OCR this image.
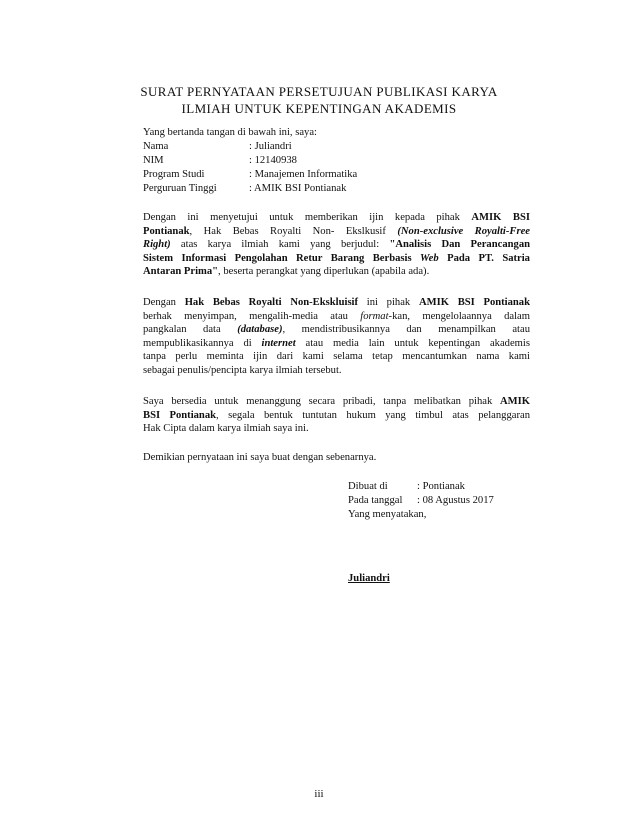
SURAT PERNYATAAN PERSETUJUAN PUBLIKASI KARYA
ILMIAH UNTUK KEPENTINGAN AKADEMIS
Yang bertanda tangan di bawah ini, saya:
Nama	: Juliandri
NIM	: 12140938
Program Studi	: Manajemen Informatika
Perguruan Tinggi	: AMIK BSI Pontianak
Dengan ini menyetujui untuk memberikan ijin kepada pihak AMIK BSI
Pontianak, Hak Bebas Royalti Non- Ekslkusif (Non-exclusive Royalti-Free
Right) atas karya ilmiah kami yang berjudul: "Analisis Dan Perancangan
Sistem Informasi Pengolahan Retur Barang Berbasis Web Pada PT. Satria
Antaran Prima", beserta perangkat yang diperlukan (apabila ada).
Dengan Hak Bebas Royalti Non-Ekskluisif ini pihak AMIK BSI Pontianak
berhak menyimpan, mengalih-media atau format-kan, mengelolaannya dalam
pangkalan data (database), mendistribusikannya dan menampilkan atau
mempublikasikannya di internet atau media lain untuk kepentingan akademis
tanpa perlu meminta ijin dari kami selama tetap mencantumkan nama kami
sebagai penulis/pencipta karya ilmiah tersebut.
Saya bersedia untuk menanggung secara pribadi, tanpa melibatkan pihak AMIK
BSI Pontianak, segala bentuk tuntutan hukum yang timbul atas pelanggaran
Hak Cipta dalam karya ilmiah saya ini.
Demikian pernyataan ini saya buat dengan sebenarnya.
Dibuat di	: Pontianak
Pada tanggal : 08 Agustus 2017
Yang menyatakan,
Juliandri
iii
